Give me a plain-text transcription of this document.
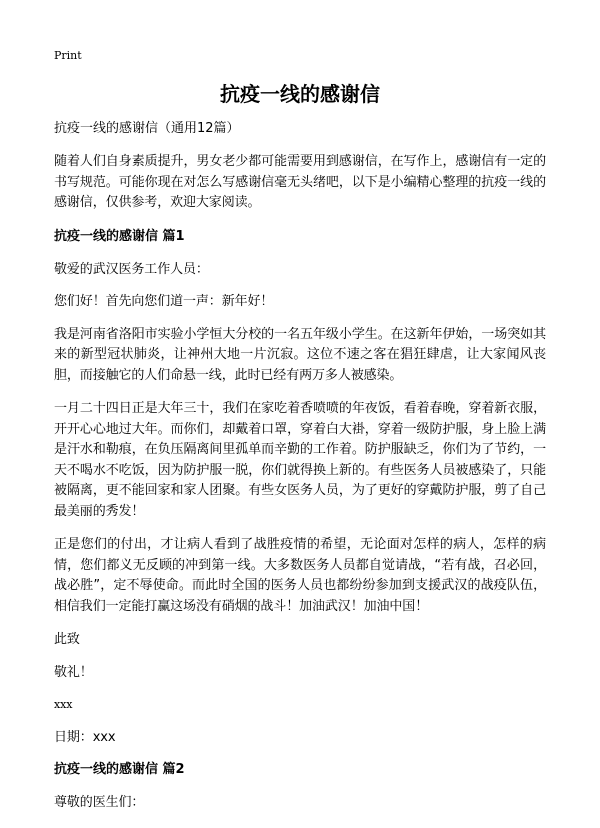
Print
抗疫一线的感谢信
抗疫一线的感谢信（通用12篇）
随着人们自身素质提升，男女老少都可能需要用到感谢信，在写作上，感谢信有一定的书写规范。可能你现在对怎么写感谢信毫无头绪吧，以下是小编精心整理的抗疫一线的感谢信，仅供参考，欢迎大家阅读。
抗疫一线的感谢信 篇1
敬爱的武汉医务工作人员：
您们好！首先向您们道一声：新年好！
我是河南省洛阳市实验小学恒大分校的一名五年级小学生。在这新年伊始，一场突如其来的新型冠状肺炎，让神州大地一片沉寂。这位不速之客在猖狂肆虐，让大家闻风丧胆，而接触它的人们命悬一线，此时已经有两万多人被感染。
一月二十四日正是大年三十，我们在家吃着香喷喷的年夜饭，看着春晚，穿着新衣服，开开心心地过大年。而你们，却戴着口罩，穿着白大褂，穿着一级防护服，身上脸上满是汗水和勒痕，在负压隔离间里孤单而辛勤的工作着。防护服缺乏，你们为了节约，一天不喝水不吃饭，因为防护服一脱，你们就得换上新的。有些医务人员被感染了，只能被隔离，更不能回家和家人团聚。有些女医务人员，为了更好的穿戴防护服，剪了自己最美丽的秀发！
正是您们的付出，才让病人看到了战胜疫情的希望，无论面对怎样的病人，怎样的病情，您们都义无反顾的冲到第一线。大多数医务人员都自觉请战，“若有战，召必回，战必胜”，定不辱使命。而此时全国的医务人员也都纷纷参加到支援武汉的战疫队伍，相信我们一定能打赢这场没有硝烟的战斗！加油武汉！加油中国！
此致
敬礼！
xxx
日期：xxx
抗疫一线的感谢信 篇2
尊敬的医生们：
